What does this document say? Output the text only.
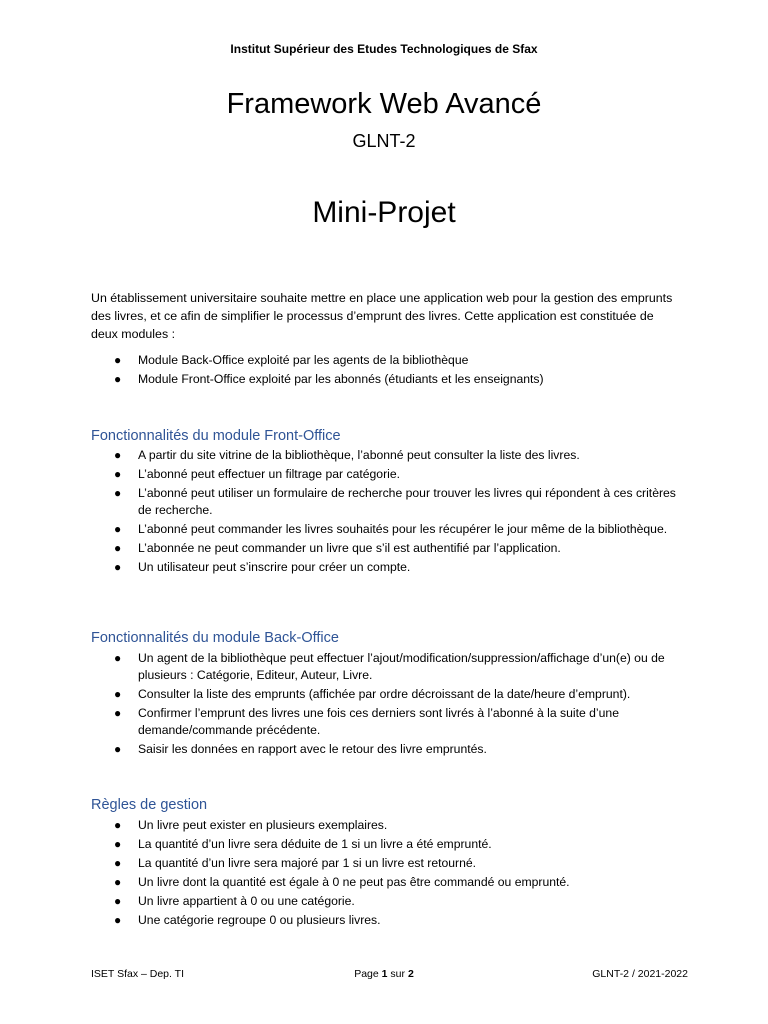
Institut Supérieur des Etudes Technologiques de Sfax
Framework Web Avancé
GLNT-2
Mini-Projet
Un établissement universitaire souhaite mettre en place une application web pour la gestion des emprunts des livres, et ce afin de simplifier le processus d’emprunt des livres. Cette application est constituée de deux modules :
● Module Back-Office exploité par les agents de la bibliothèque
● Module Front-Office exploité par les abonnés (étudiants et les enseignants)
Fonctionnalités du module Front-Office
● A partir du site vitrine de la bibliothèque, l’abonné peut consulter la liste des livres.
● L’abonné peut effectuer un filtrage par catégorie.
● L’abonné peut utiliser un formulaire de recherche pour trouver les livres qui répondent à ces critères de recherche.
● L’abonné peut commander les livres souhaités pour les récupérer le jour même de la bibliothèque.
● L’abonnée ne peut commander un livre que s’il est authentifié par l’application.
● Un utilisateur peut s’inscrire pour créer un compte.
Fonctionnalités du module Back-Office
● Un agent de la bibliothèque peut effectuer l’ajout/modification/suppression/affichage d’un(e) ou de plusieurs : Catégorie, Editeur, Auteur, Livre.
● Consulter la liste des emprunts (affichée par ordre décroissant de la date/heure d’emprunt).
● Confirmer l’emprunt des livres une fois ces derniers sont livrés à l’abonné à la suite d’une demande/commande précédente.
● Saisir les données en rapport avec le retour des livre empruntés.
Règles de gestion
● Un livre peut exister en plusieurs exemplaires.
● La quantité d’un livre sera déduite de 1 si un livre a été emprunté.
● La quantité d’un livre sera majoré par 1 si un livre est retourné.
● Un livre dont la quantité est égale à 0 ne peut pas être commandé ou emprunté.
● Un livre appartient à 0 ou une catégorie.
● Une catégorie regroupe 0 ou plusieurs livres.
ISET Sfax – Dep. TI	Page 1 sur 2	GLNT-2 / 2021-2022
